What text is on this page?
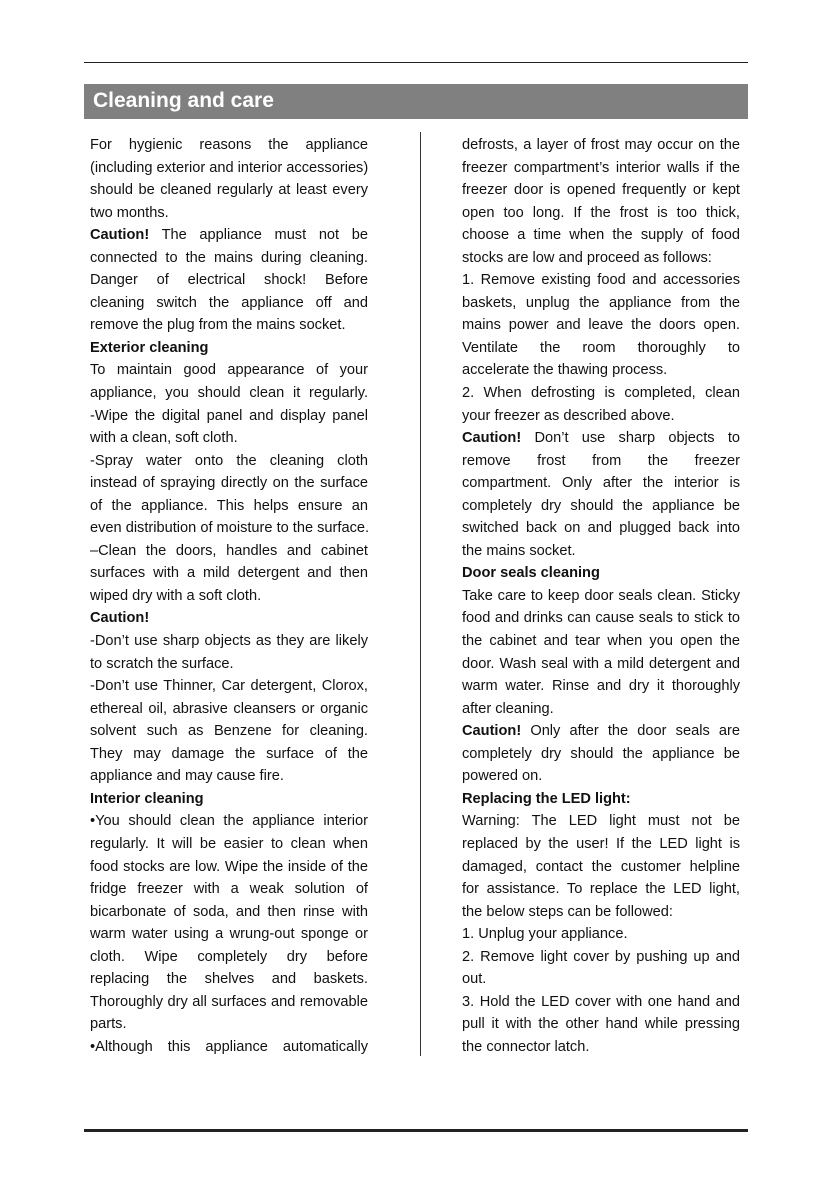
Cleaning and care
For hygienic reasons the appliance
(including exterior and interior accessories)
should be cleaned regularly at least every
two months.
Caution! The appliance must not be
connected to the mains during cleaning.
Danger of electrical shock! Before
cleaning switch the appliance off and
remove the plug from the mains socket.
Exterior cleaning
To maintain good appearance of your
appliance, you should clean it regularly.
-Wipe the digital panel and display panel
with a clean, soft cloth.
-Spray water onto the cleaning cloth
instead of spraying directly on the surface
of the appliance. This helps ensure an
even distribution of moisture to the surface.
–Clean the doors, handles and cabinet
surfaces with a mild detergent and then
wiped dry with a soft cloth.
Caution!
-Don’t use sharp objects as they are likely
to scratch the surface.
-Don’t use Thinner, Car detergent, Clorox,
ethereal oil, abrasive cleansers or organic
solvent such as Benzene for cleaning.
They may damage the surface of the
appliance and may cause fire.
Interior cleaning
•You should clean the appliance interior
regularly. It will be easier to clean when
food stocks are low. Wipe the inside of the
fridge freezer with a weak solution of
bicarbonate of soda, and then rinse with
warm water using a wrung-out sponge or
cloth. Wipe completely dry before
replacing the shelves and baskets.
Thoroughly dry all surfaces and removable
parts.
•Although this appliance automatically
defrosts, a layer of frost may occur on the
freezer compartment’s interior walls if the
freezer door is opened frequently or kept
open too long. If the frost is too thick,
choose a time when the supply of food
stocks are low and proceed as follows:
1. Remove existing food and accessories
baskets, unplug the appliance from the
mains power and leave the doors open.
Ventilate the room thoroughly to
accelerate the thawing process.
2. When defrosting is completed, clean
your freezer as described above.
Caution! Don’t use sharp objects to
remove frost from the freezer
compartment. Only after the interior is
completely dry should the appliance be
switched back on and plugged back into
the mains socket.
Door seals cleaning
Take care to keep door seals clean. Sticky
food and drinks can cause seals to stick to
the cabinet and tear when you open the
door. Wash seal with a mild detergent and
warm water. Rinse and dry it thoroughly
after cleaning.
Caution! Only after the door seals are
completely dry should the appliance be
powered on.
Replacing the LED light:
Warning: The LED light must not be
replaced by the user! If the LED light is
damaged, contact the customer helpline
for assistance. To replace the LED light,
the below steps can be followed:
1. Unplug your appliance.
2. Remove light cover by pushing up and
out.
3. Hold the LED cover with one hand and
pull it with the other hand while pressing
the connector latch.
